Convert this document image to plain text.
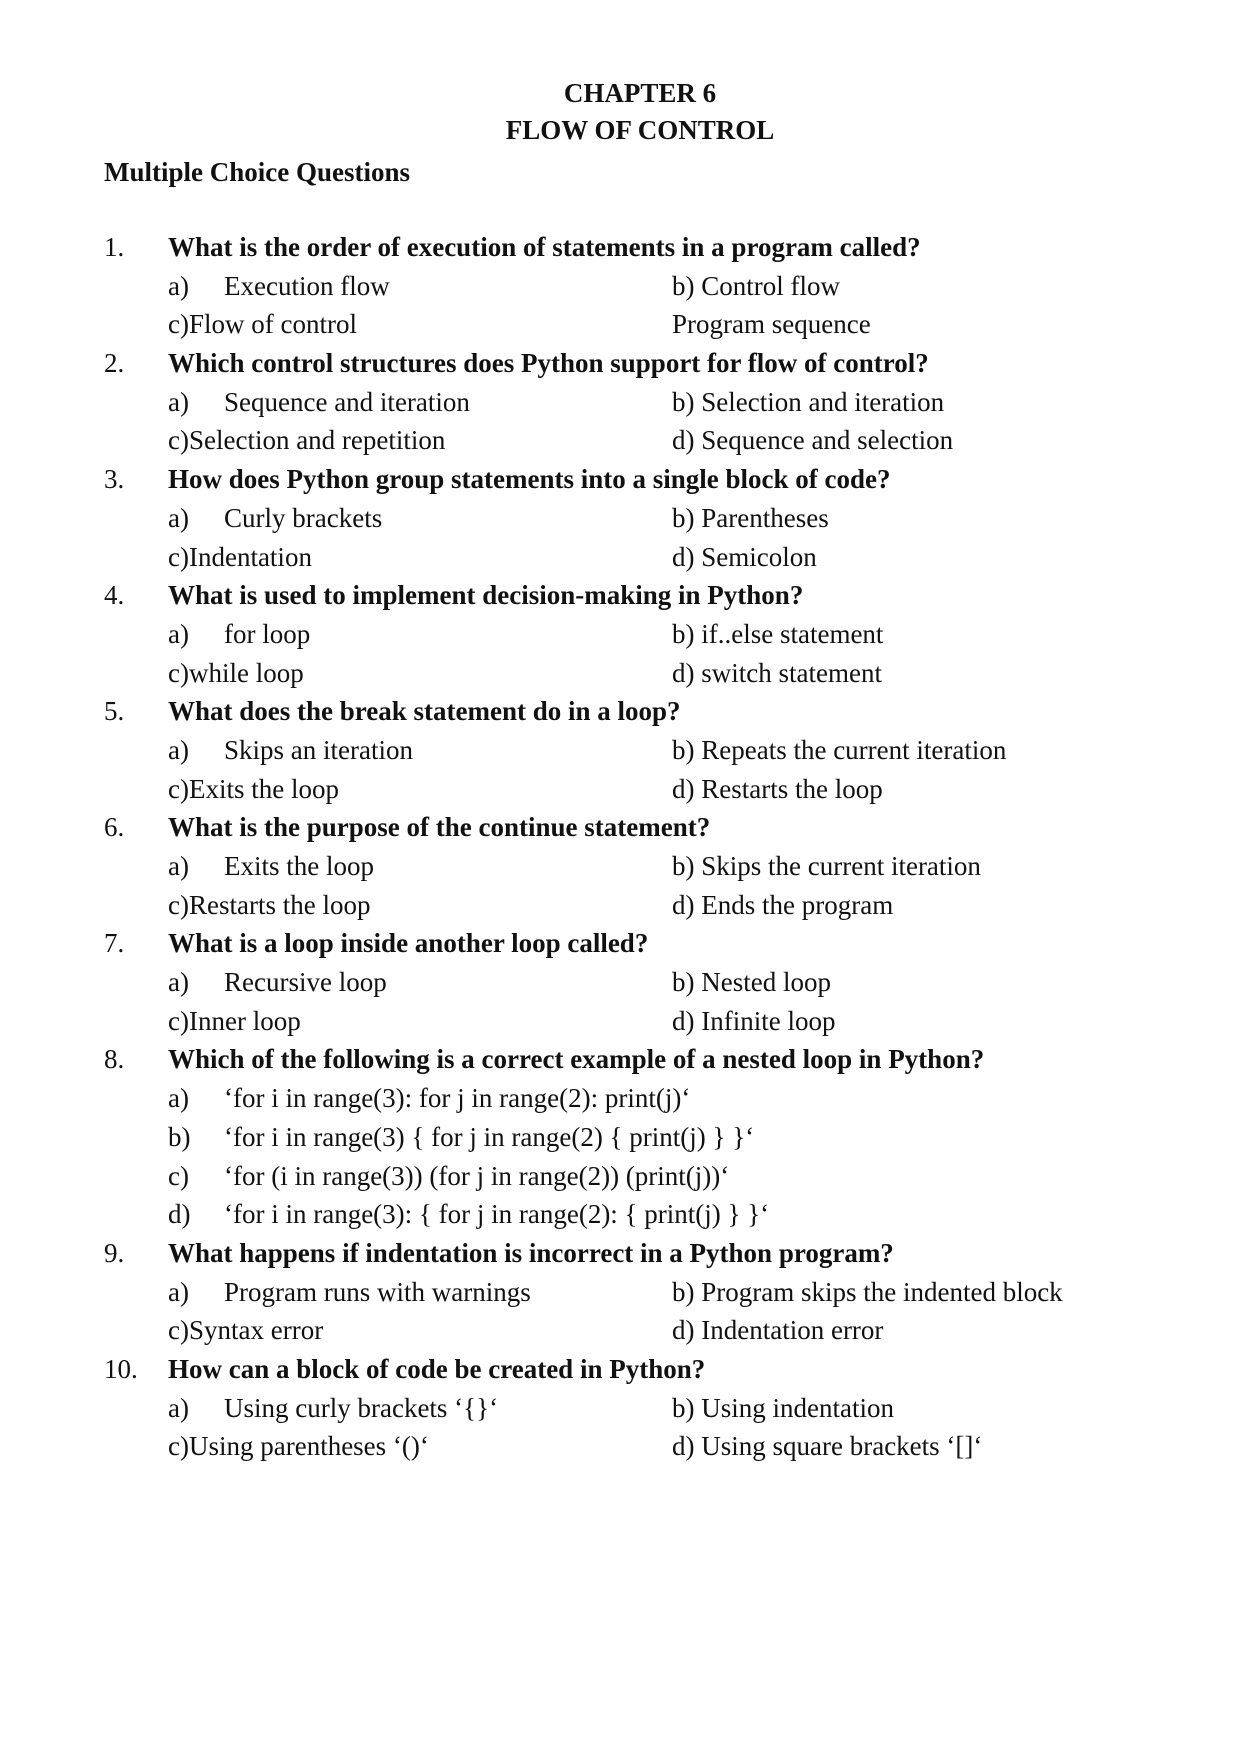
CHAPTER 6
FLOW OF CONTROL
Multiple Choice Questions
1. What is the order of execution of statements in a program called?
a) Execution flow	b) Control flow
c)Flow of control	Program sequence
2. Which control structures does Python support for flow of control?
a) Sequence and iteration	b) Selection and iteration
c)Selection and repetition	d) Sequence and selection
3. How does Python group statements into a single block of code?
a) Curly brackets	b) Parentheses
c)Indentation	d) Semicolon
4. What is used to implement decision-making in Python?
a) for loop	b) if..else statement
c)while loop	d) switch statement
5. What does the break statement do in a loop?
a) Skips an iteration	b) Repeats the current iteration
c)Exits the loop	d) Restarts the loop
6. What is the purpose of the continue statement?
a) Exits the loop	b) Skips the current iteration
c)Restarts the loop	d) Ends the program
7. What is a loop inside another loop called?
a) Recursive loop	b) Nested loop
c)Inner loop	d) Infinite loop
8. Which of the following is a correct example of a nested loop in Python?
a) ‘for i in range(3): for j in range(2): print(j)‘
b) ‘for i in range(3) { for j in range(2) { print(j) } }‘
c) ‘for (i in range(3)) (for j in range(2)) (print(j))‘
d) ‘for i in range(3): { for j in range(2): { print(j) } }‘
9. What happens if indentation is incorrect in a Python program?
a) Program runs with warnings	b) Program skips the indented block
c)Syntax error	d) Indentation error
10. How can a block of code be created in Python?
a) Using curly brackets ‘{}‘	b) Using indentation
c)Using parentheses ‘()‘	d) Using square brackets ‘[]‘
